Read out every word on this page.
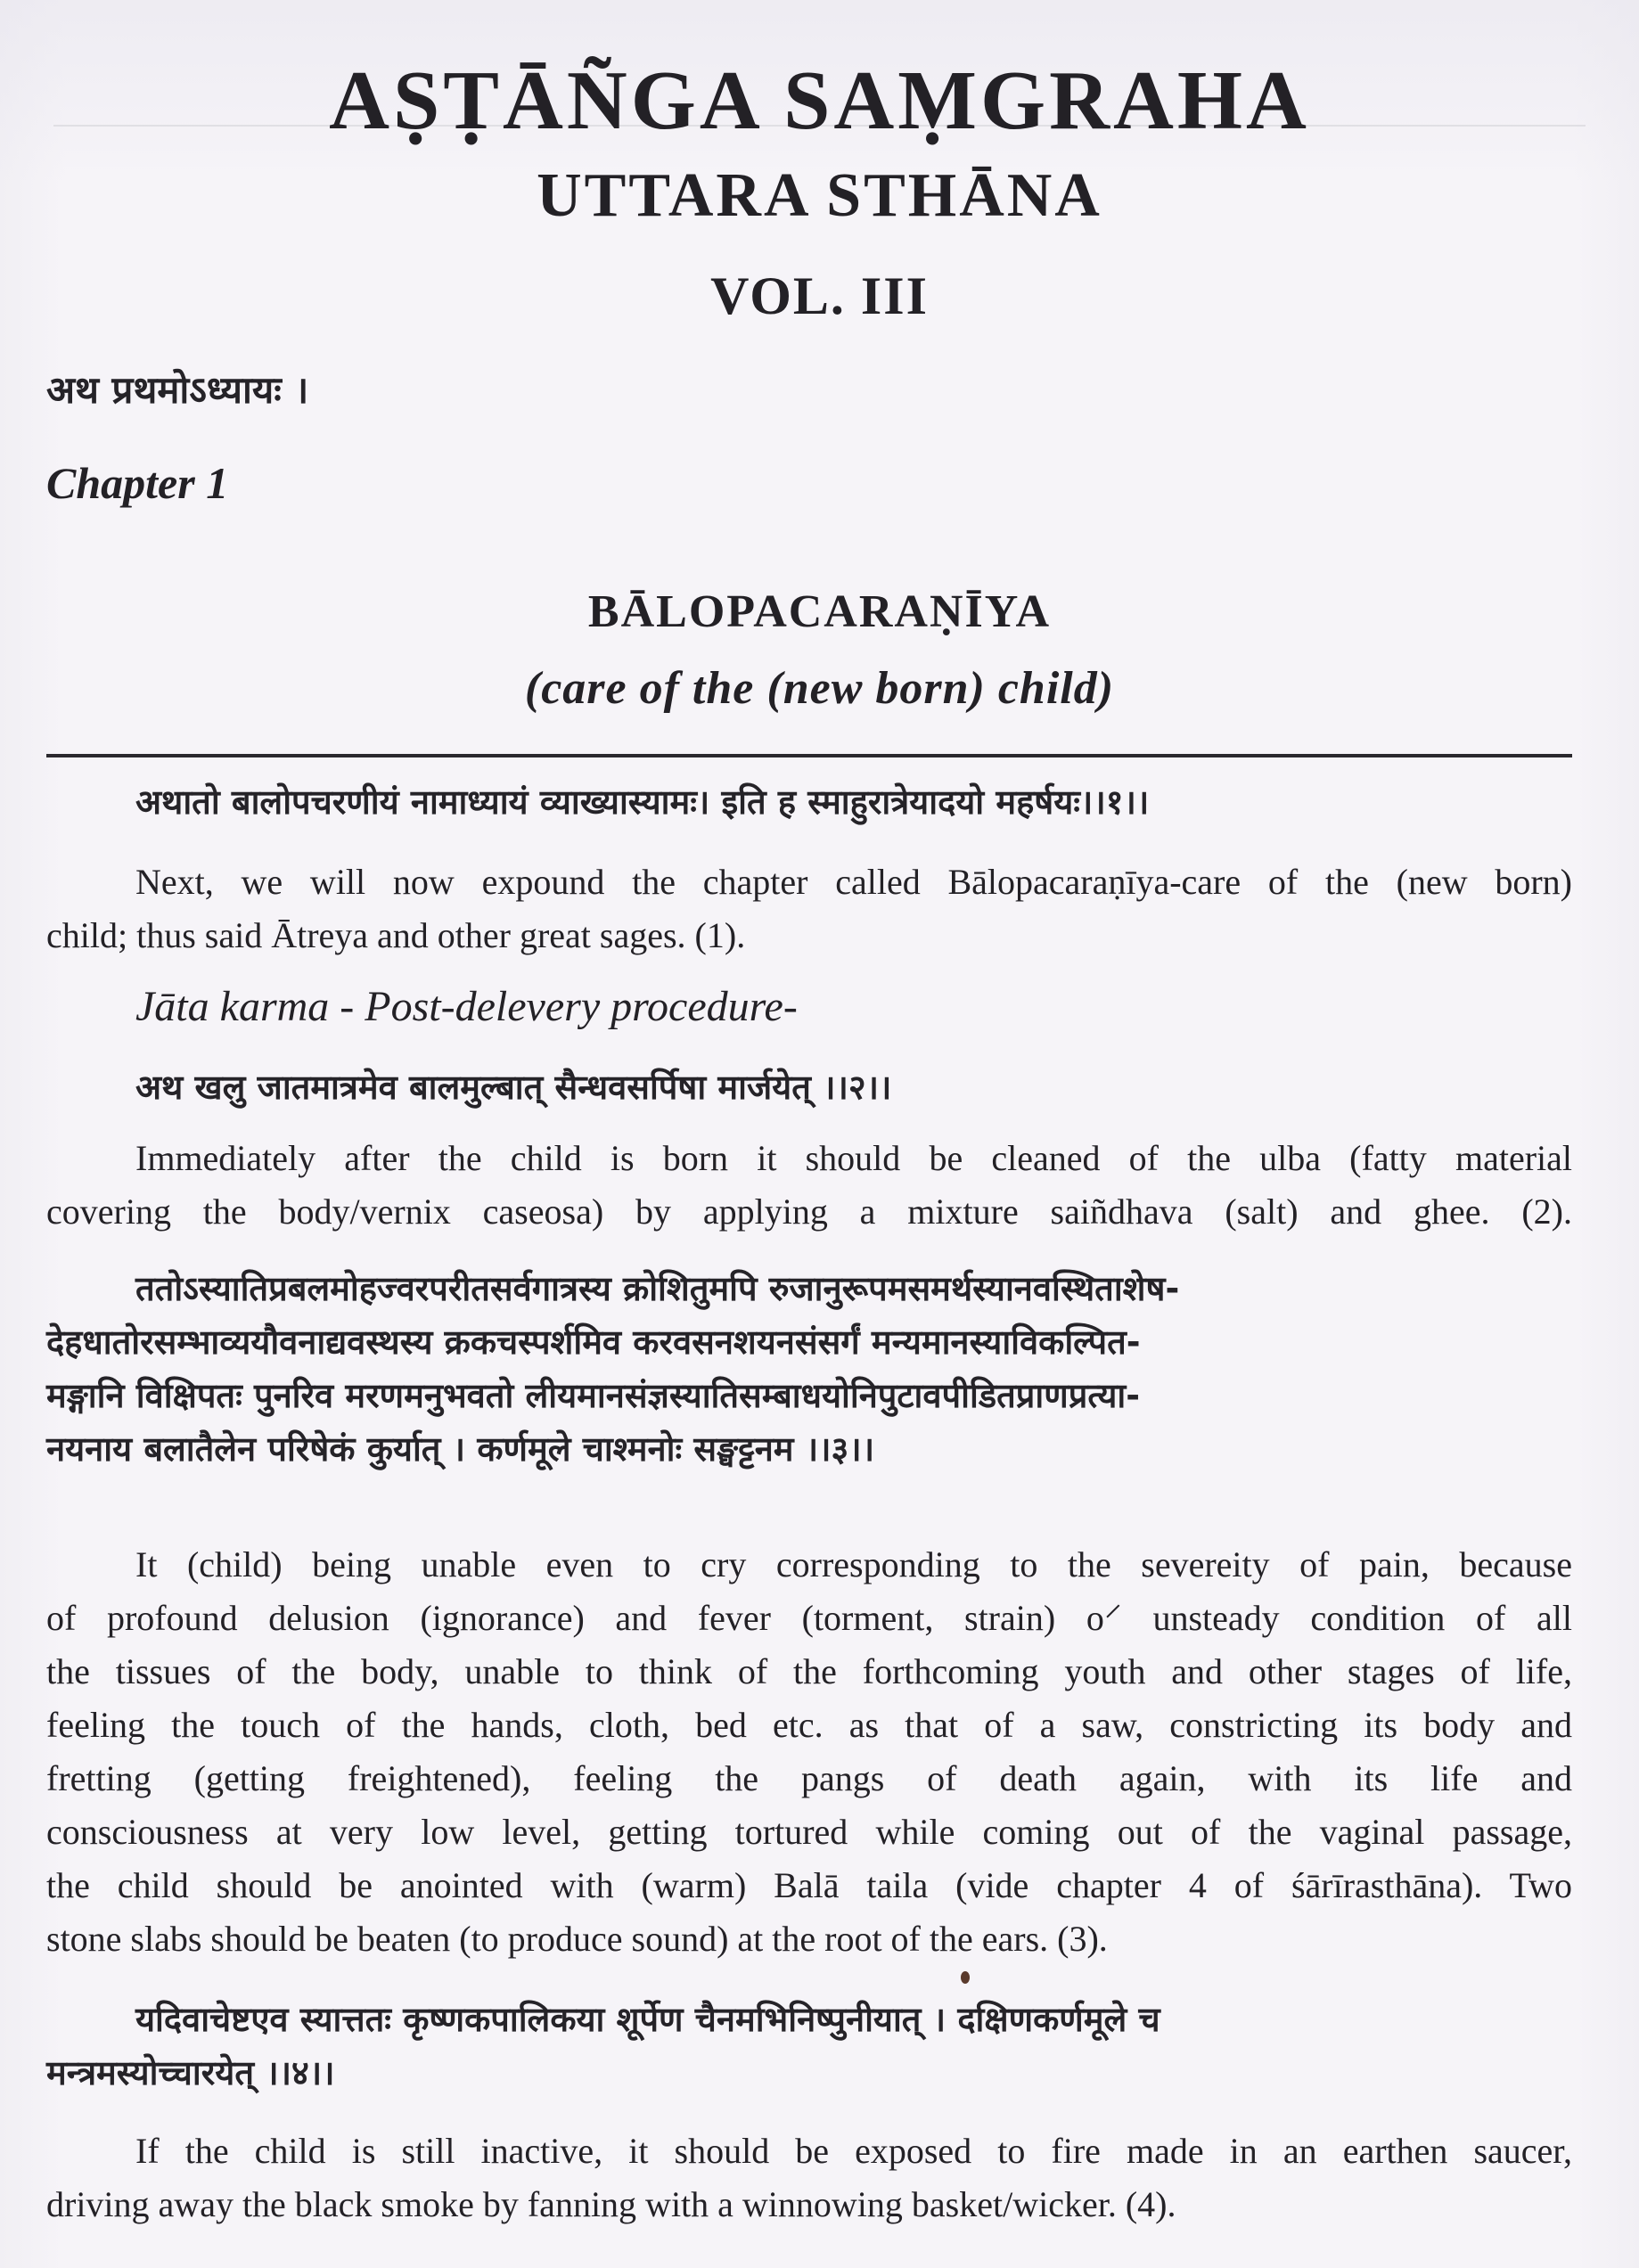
AṢṬĀÑGA SAṂGRAHA
UTTARA STHĀNA
VOL. III

अथ प्रथमोऽध्यायः ।

Chapter 1

BĀLOPACARAṆĪYA

(care of the (new born) child)

अथातो बालोपचरणीयं नामाध्यायं व्याख्यास्यामः। इति ह स्माहुरात्रेयादयो महर्षयः।।१।।
Next, we will now expound the chapter called Bālopacaraṇīya-care of the (new born)
child; thus said Ātreya and other great sages. (1).

Jāta karma - Post-delevery procedure-

अथ खलु जातमात्रमेव बालमुल्बात् सैन्धवसर्पिषा मार्जयेत् ।।२।।
Immediately after the child is born it should be cleaned of the ulba (fatty material
covering the body/vernix caseosa) by applying a mixture saiñdhava (salt) and ghee. (2).
ततोऽस्यातिप्रबलमोहज्वरपरीतसर्वगात्रस्य क्रोशितुमपि रुजानुरूपमसमर्थस्यानवस्थिताशेष-
देहधातोरसम्भाव्ययौवनाद्यवस्थस्य क्रकचस्पर्शमिव करवसनशयनसंसर्गं मन्यमानस्याविकल्पित-
मङ्गानि विक्षिपतः पुनरिव मरणमनुभवतो लीयमानसंज्ञस्यातिसम्बाधयोनिपुटावपीडितप्राणप्रत्या-
नयनाय बलातैलेन परिषेकं कुर्यात् । कर्णमूले चाश्मनोः सङ्घट्टनम ।।३।।
It (child) being unable even to cry corresponding to the severeity of pain, because
of profound delusion (ignorance) and fever (torment, strain) o⸍ unsteady condition of all
the tissues of the body, unable to think of the forthcoming youth and other stages of life,
feeling the touch of the hands, cloth, bed etc. as that of a saw, constricting its body and
fretting (getting freightened), feeling the pangs of death again, with its life and
consciousness at very low level, getting tortured while coming out of the vaginal passage,
the child should be anointed with (warm) Balā taila (vide chapter 4 of śārīrasthāna). Two
stone slabs should be beaten (to produce sound) at the root of the ears. (3).
यदिवाचेष्टएव स्यात्ततः कृष्णकपालिकया शूर्पेण चैनमभिनिष्पुनीयात् । दक्षिणकर्णमूले च
मन्त्रमस्योच्चारयेत् ।।४।।
If the child is still inactive, it should be exposed to fire made in an earthen saucer,
driving away the black smoke by fanning with a winnowing basket/wicker. (4).
